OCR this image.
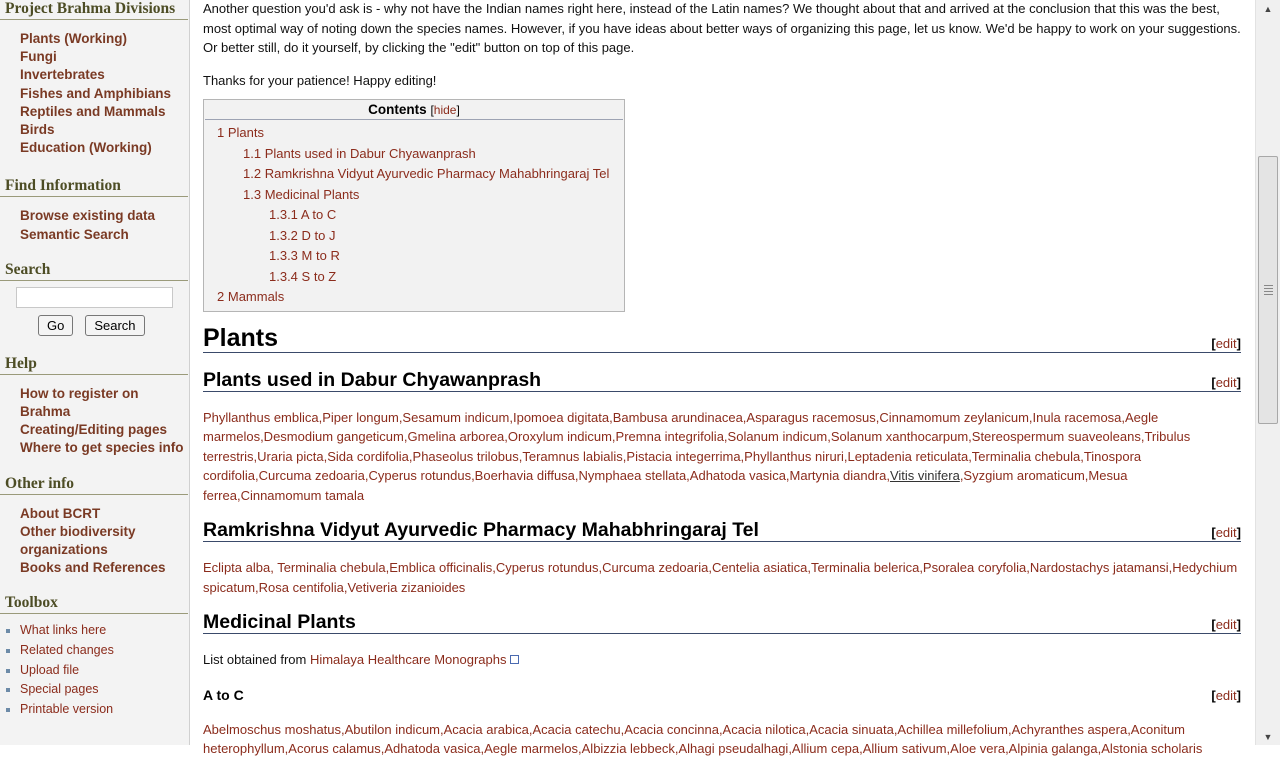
Project Brahma Divisions
Plants (Working)
Fungi
Invertebrates
Fishes and Amphibians
Reptiles and Mammals
Birds
Education (Working)
Find Information
Browse existing data
Semantic Search
Search
Go	Search
Help
How to register on Brahma
Creating/Editing pages
Where to get species info
Other info
About BCRT
Other biodiversity organizations
Books and References
Toolbox
What links here
Related changes
Upload file
Special pages
Printable version

Another question you'd ask is - why not have the Indian names right here, instead of the Latin names? We thought about that and arrived at the conclusion that this was the best, most optimal way of noting down the species names. However, if you have ideas about better ways of organizing this page, let us know. We'd be happy to work on your suggestions. Or better still, do it yourself, by clicking the "edit" button on top of this page.

Thanks for your patience! Happy editing!

Contents [hide]
1 Plants
1.1 Plants used in Dabur Chyawanprash
1.2 Ramkrishna Vidyut Ayurvedic Pharmacy Mahabhringaraj Tel
1.3 Medicinal Plants
1.3.1 A to C
1.3.2 D to J
1.3.3 M to R
1.3.4 S to Z
2 Mammals
Plants	[edit]
Plants used in Dabur Chyawanprash	[edit]

Phyllanthus emblica,Piper longum,Sesamum indicum,Ipomoea digitata,Bambusa arundinacea,Asparagus racemosus,Cinnamomum zeylanicum,Inula racemosa,Aegle marmelos,Desmodium gangeticum,Gmelina arborea,Oroxylum indicum,Premna integrifolia,Solanum indicum,Solanum xanthocarpum,Stereospermum suaveoleans,Tribulus terrestris,Uraria picta,Sida cordifolia,Phaseolus trilobus,Teramnus labialis,Pistacia integerrima,Phyllanthus niruri,Leptadenia reticulata,Terminalia chebula,Tinospora cordifolia,Curcuma zedoaria,Cyperus rotundus,Boerhavia diffusa,Nymphaea stellata,Adhatoda vasica,Martynia diandra,Vitis vinifera,Syzgium aromaticum,Mesua ferrea,Cinnamomum tamala

Ramkrishna Vidyut Ayurvedic Pharmacy Mahabhringaraj Tel	[edit]

Eclipta alba, Terminalia chebula,Emblica officinalis,Cyperus rotundus,Curcuma zedoaria,Centelia asiatica,Terminalia belerica,Psoralea coryfolia,Nardostachys jatamansi,Hedychium spicatum,Rosa centifolia,Vetiveria zizanioides

Medicinal Plants	[edit]

List obtained from Himalaya Healthcare Monographs

A to C	[edit]

Abelmoschus moshatus,Abutilon indicum,Acacia arabica,Acacia catechu,Acacia concinna,Acacia nilotica,Acacia sinuata,Achillea millefolium,Achyranthes aspera,Aconitum heterophyllum,Acorus calamus,Adhatoda vasica,Aegle marmelos,Albizzia lebbeck,Alhagi pseudalhagi,Allium cepa,Allium sativum,Aloe vera,Alpinia galanga,Alstonia scholaris

▲
▼
